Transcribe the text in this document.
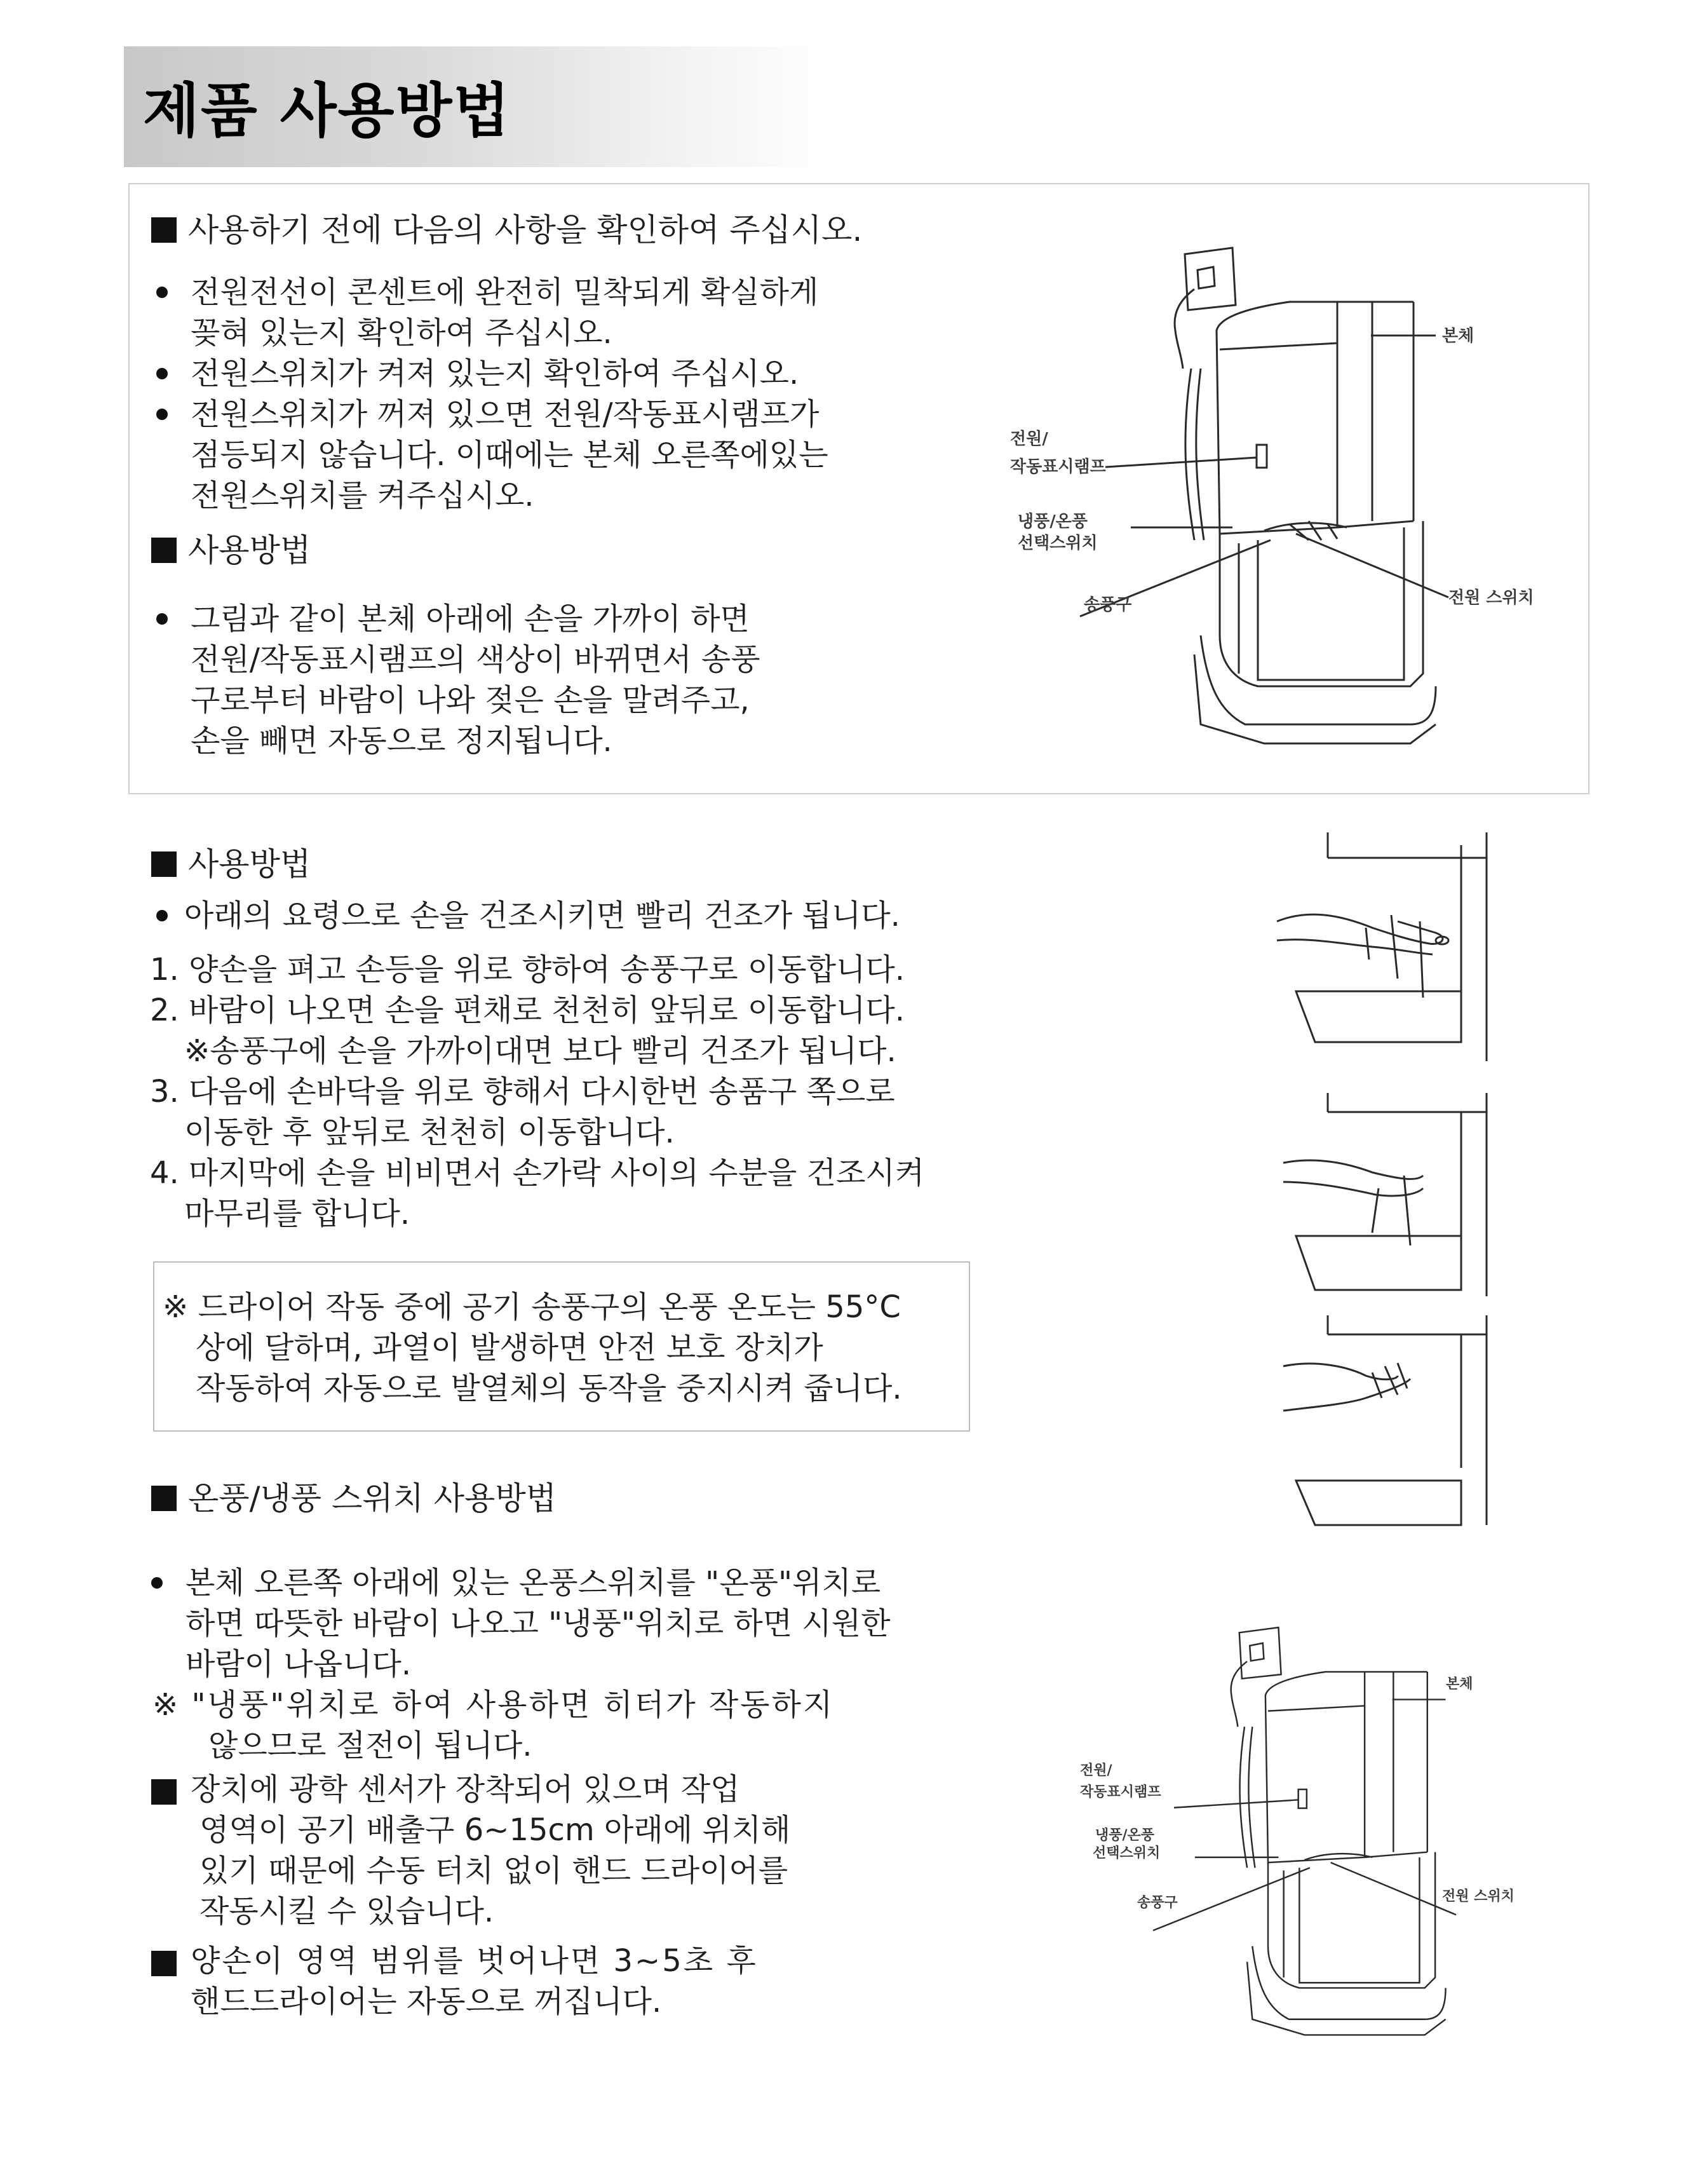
제품 사용방법
사용하기 전에 다음의 사항을 확인하여 주십시오.
전원전선이 콘센트에 완전히 밀착되게 확실하게
꽂혀 있는지 확인하여 주십시오.
전원스위치가 켜져 있는지 확인하여 주십시오.
전원스위치가 꺼져 있으면 전원/작동표시램프가
점등되지 않습니다. 이때에는 본체 오른쪽에있는
전원스위치를 켜주십시오.
사용방법
그림과 같이 본체 아래에 손을 가까이 하면
전원/작동표시램프의 색상이 바뀌면서 송풍
구로부터 바람이 나와 젖은 손을 말려주고,
손을 빼면 자동으로 정지됩니다.
본체
전원/
작동표시램프
냉풍/온풍
선택스위치
송풍구	전원 스위치
사용방법
아래의 요령으로 손을 건조시키면 빨리 건조가 됩니다.
1. 양손을 펴고 손등을 위로 향하여 송풍구로 이동합니다.
2. 바람이 나오면 손을 편채로 천천히 앞뒤로 이동합니다.
※송풍구에 손을 가까이대면 보다 빨리 건조가 됩니다.
3. 다음에 손바닥을 위로 향해서 다시한번 송품구 쪽으로
이동한 후 앞뒤로 천천히 이동합니다.
4. 마지막에 손을 비비면서 손가락 사이의 수분을 건조시켜
마무리를 합니다.
※ 드라이어 작동 중에 공기 송풍구의 온풍 온도는 55°C
상에 달하며, 과열이 발생하면 안전 보호 장치가
작동하여 자동으로 발열체의 동작을 중지시켜 줍니다.
온풍/냉풍 스위치 사용방법
본체 오른쪽 아래에 있는 온풍스위치를 "온풍"위치로
하면 따뜻한 바람이 나오고 "냉풍"위치로 하면 시원한
바람이 나옵니다.
※ "냉풍"위치로 하여 사용하면 히터가 작동하지
않으므로 절전이 됩니다.
장치에 광학 센서가 장착되어 있으며 작업
영역이 공기 배출구 6~15cm 아래에 위치해
있기 때문에 수동 터치 없이 핸드 드라이어를
작동시킬 수 있습니다.
양손이 영역 범위를 벗어나면 3~5초 후
핸드드라이어는 자동으로 꺼집니다.
본체
전원/
작동표시램프
냉풍/온풍
선택스위치
송풍구	전원 스위치
